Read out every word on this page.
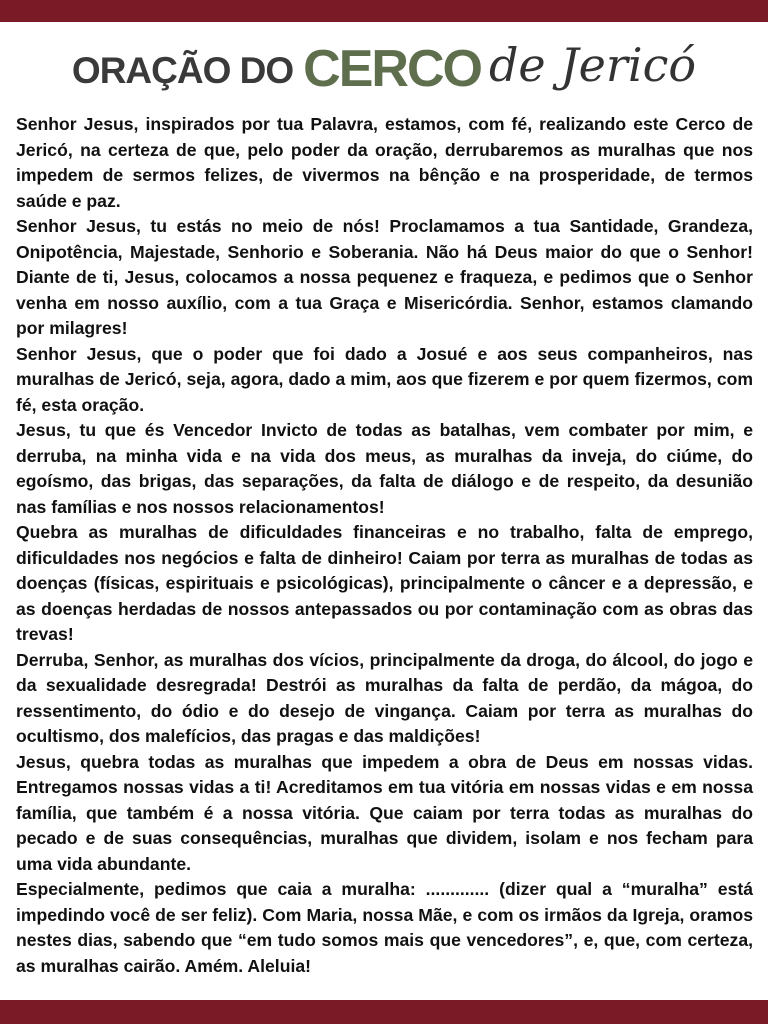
ORAÇÃO DO CERCO de Jericó

Senhor Jesus, inspirados por tua Palavra, estamos, com fé, realizando este Cerco de Jericó, na certeza de que, pelo poder da oração, derrubaremos as muralhas que nos impedem de sermos felizes, de vivermos na bênção e na prosperidade, de termos saúde e paz.

Senhor Jesus, tu estás no meio de nós! Proclamamos a tua Santidade, Grandeza, Onipotência, Majestade, Senhorio e Soberania. Não há Deus maior do que o Senhor! Diante de ti, Jesus, colocamos a nossa pequenez e fraqueza, e pedimos que o Senhor venha em nosso auxílio, com a tua Graça e Misericórdia. Senhor, estamos clamando por milagres!

Senhor Jesus, que o poder que foi dado a Josué e aos seus companheiros, nas muralhas de Jericó, seja, agora, dado a mim, aos que fizerem e por quem fizermos, com fé, esta oração.

Jesus, tu que és Vencedor Invicto de todas as batalhas, vem combater por mim, e derruba, na minha vida e na vida dos meus, as muralhas da inveja, do ciúme, do egoísmo, das brigas, das separações, da falta de diálogo e de respeito, da desunião nas famílias e nos nossos relacionamentos!

Quebra as muralhas de dificuldades financeiras e no trabalho, falta de emprego, dificuldades nos negócios e falta de dinheiro! Caiam por terra as muralhas de todas as doenças (físicas, espirituais e psicológicas), principalmente o câncer e a depressão, e as doenças herdadas de nossos antepassados ou por contaminação com as obras das trevas!

Derruba, Senhor, as muralhas dos vícios, principalmente da droga, do álcool, do jogo e da sexualidade desregrada! Destrói as muralhas da falta de perdão, da mágoa, do ressentimento, do ódio e do desejo de vingança. Caiam por terra as muralhas do ocultismo, dos malefícios, das pragas e das maldições!

Jesus, quebra todas as muralhas que impedem a obra de Deus em nossas vidas. Entregamos nossas vidas a ti! Acreditamos em tua vitória em nossas vidas e em nossa família, que também é a nossa vitória. Que caiam por terra todas as muralhas do pecado e de suas consequências, muralhas que dividem, isolam e nos fecham para uma vida abundante.

Especialmente, pedimos que caia a muralha: ............. (dizer qual a “muralha” está impedindo você de ser feliz). Com Maria, nossa Mãe, e com os irmãos da Igreja, oramos nestes dias, sabendo que “em tudo somos mais que vencedores”, e, que, com certeza, as muralhas cairão. Amém. Aleluia!
